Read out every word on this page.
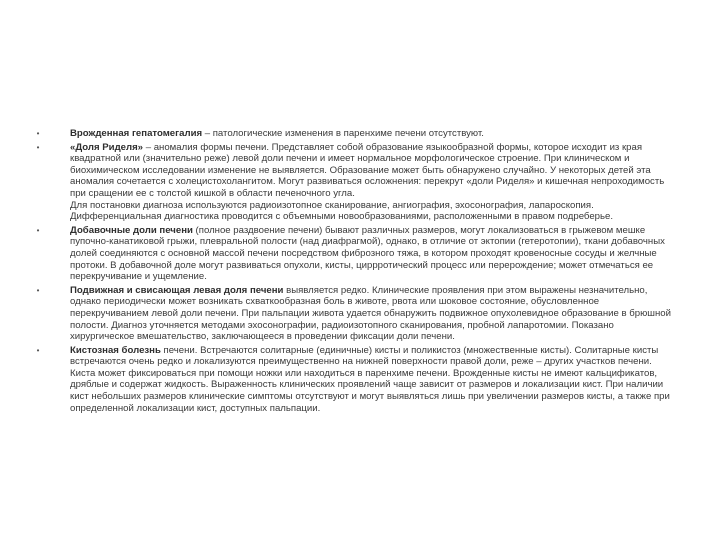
•	Врожденная гепатомегалия – патологические изменения в паренхиме печени отсутствуют.

•	«Доля Риделя» – аномалия формы печени. Представляет собой образование языкообразной формы, которое исходит из края квадратной или (значительно реже) левой доли печени и имеет нормальное морфологическое строение. При клиническом и биохимическом исследовании изменение не выявляется. Образование может быть обнаружено случайно. У некоторых детей эта аномалия сочетается с холецистохолангитом. Могут развиваться осложнения: перекрут «доли Риделя» и кишечная непроходимость при сращении ее с толстой кишкой в области печеночного угла.

Для постановки диагноза используются радиоизотопное сканирование, ангиография, эхосонография, лапароскопия. Дифференциальная диагностика проводится с объемными новообразованиями, расположенными в правом подреберье.

•	Добавочные доли печени (полное раздвоение печени) бывают различных размеров, могут локализоваться в грыжевом мешке пупочно-канатиковой грыжи, плевральной полости (над диафрагмой), однако, в отличие от эктопии (гетеротопии), ткани добавочных долей соединяются с основной массой печени посредством фиброзного тяжа, в котором проходят кровеносные сосуды и желчные протоки. В добавочной доле могут развиваться опухоли, кисты, циррротический процесс или перерождение; может отмечаться ее перекручивание и ущемление.

•	Подвижная и свисающая левая доля печени выявляется редко. Клинические проявления при этом выражены незначительно, однако периодически может возникать схваткообразная боль в животе, рвота или шоковое состояние, обусловленное перекручиванием левой доли печени. При пальпации живота удается обнаружить подвижное опухолевидное образование в брюшной полости. Диагноз уточняется методами эхосонографии, радиоизотопного сканирования, пробной лапаротомии. Показано хирургическое вмешательство, заключающееся в проведении фиксации доли печени.

•	Кистозная болезнь печени. Встречаются солитарные (единичные) кисты и поликистоз (множественные кисты). Солитарные кисты встречаются очень редко и локализуются преимущественно на нижней поверхности правой доли, реже – других участков печени. Киста может фиксироваться при помощи ножки или находиться в паренхиме печени. Врожденные кисты не имеют кальцификатов, дряблые и содержат жидкость. Выраженность клинических проявлений чаще зависит от размеров и локализации кист. При наличии кист небольших размеров клинические симптомы отсутствуют и могут выявляться лишь при увеличении размеров кисты, а также при определенной локализации кист, доступных пальпации.
